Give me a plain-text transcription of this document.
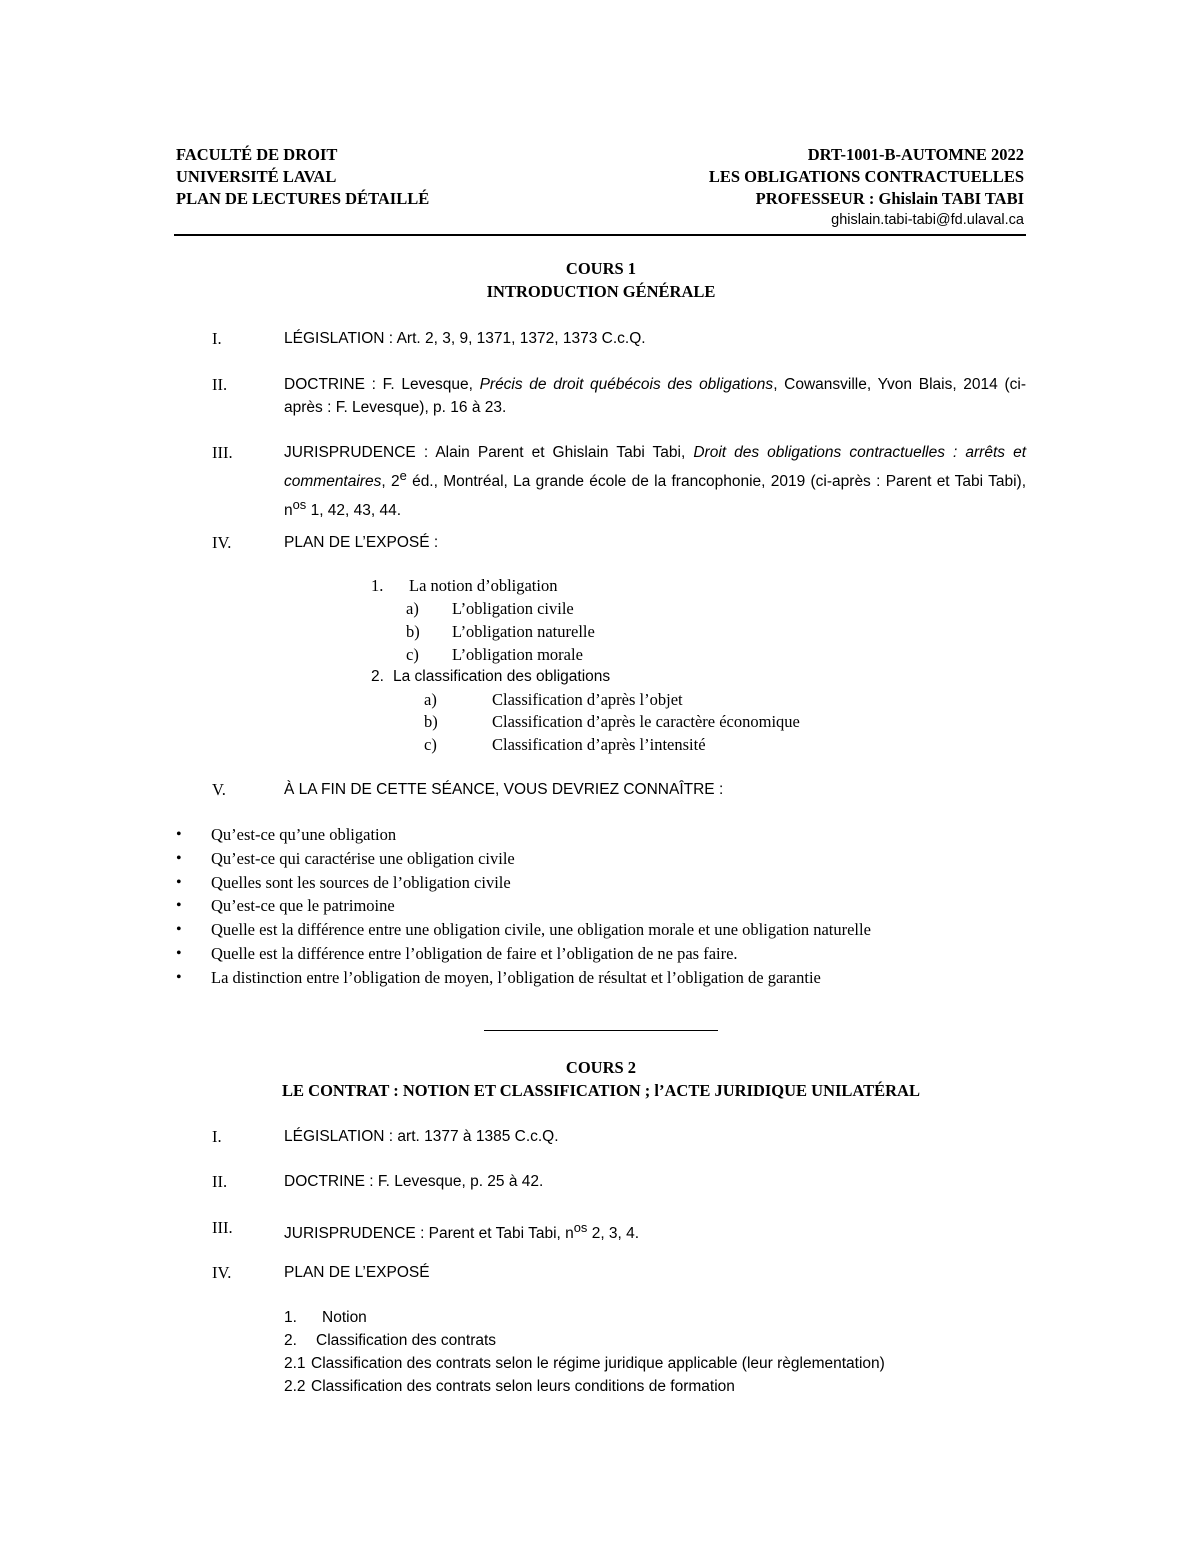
FACULTÉ DE DROIT
UNIVERSITÉ LAVAL
PLAN DE LECTURES DÉTAILLÉ
DRT-1001-B-AUTOMNE 2022
LES OBLIGATIONS CONTRACTUELLES
PROFESSEUR : Ghislain TABI TABI
ghislain.tabi-tabi@fd.ulaval.ca
COURS 1
INTRODUCTION GÉNÉRALE
I.	LÉGISLATION : Art. 2, 3, 9, 1371, 1372, 1373 C.c.Q.
II.	DOCTRINE : F. Levesque, Précis de droit québécois des obligations, Cowansville, Yvon Blais, 2014 (ci-après : F. Levesque), p. 16 à 23.
III.	JURISPRUDENCE : Alain Parent et Ghislain Tabi Tabi, Droit des obligations contractuelles : arrêts et commentaires, 2e éd., Montréal, La grande école de la francophonie, 2019 (ci-après : Parent et Tabi Tabi), $n^{os}$ 1, 42, 43, 44.
IV.	PLAN DE L’EXPOSÉ :
1. La notion d’obligation
a) L’obligation civile
b) L’obligation naturelle
c) L’obligation morale
2. La classification des obligations
a)	Classification d’après l’objet
b)	Classification d’après le caractère économique
c)	Classification d’après l’intensité
V.	À LA FIN DE CETTE SÉANCE, VOUS DEVRIEZ CONNAÎTRE :
• Qu’est-ce qu’une obligation
• Qu’est-ce qui caractérise une obligation civile
• Quelles sont les sources de l’obligation civile
• Qu’est-ce que le patrimoine
• Quelle est la différence entre une obligation civile, une obligation morale et une obligation naturelle
• Quelle est la différence entre l’obligation de faire et l’obligation de ne pas faire.
• La distinction entre l’obligation de moyen, l’obligation de résultat et l’obligation de garantie
COURS 2
LE CONTRAT : NOTION ET CLASSIFICATION ; l’ACTE JURIDIQUE UNILATÉRAL
I.	LÉGISLATION : art. 1377 à 1385 C.c.Q.
II.	DOCTRINE : F. Levesque, p. 25 à 42.
III.	JURISPRUDENCE : Parent et Tabi Tabi, $n^{os}$ 2, 3, 4.
IV.	PLAN DE L’EXPOSÉ
1. Notion
2. Classification des contrats
2.1 Classification des contrats selon le régime juridique applicable (leur règlementation)
2.2 Classification des contrats selon leurs conditions de formation
